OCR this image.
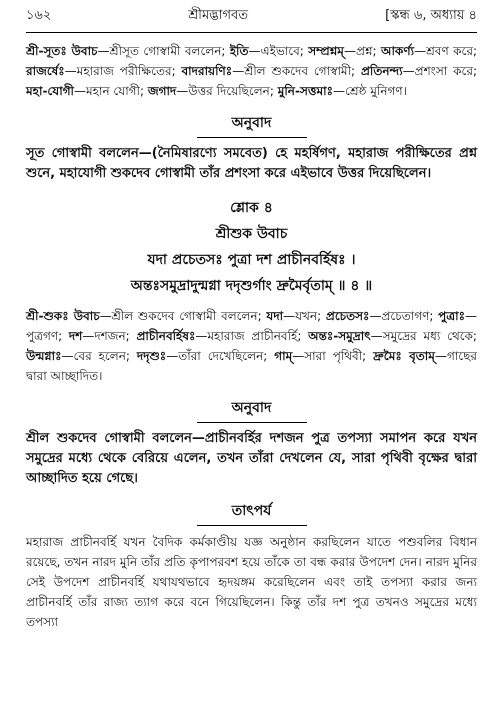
১৬২	শ্রীমদ্ভাগবত	[স্কন্ধ ৬, অধ্যায় ৪

শ্রী-সূতঃ উবাচ—শ্রীসূত গোস্বামী বললেন; ইতি—এইভাবে; সম্প্রশ্নম্—প্রশ্ন; আকর্ণ্য—শ্রবণ করে; রাজর্ষেঃ—মহারাজ পরীক্ষিতের; বাদরায়ণিঃ—শ্রীল শুকদেব গোস্বামী; প্রতিনন্দ্য—প্রশংসা করে; মহা-যোগী—মহান যোগী; জগাদ—উত্তর দিয়েছিলেন; মুনি-সত্তমাঃ—শ্রেষ্ঠ মুনিগণ।

অনুবাদ

সূত গোস্বামী বললেন—(নৈমিষারণ্যে সমবেত) হে মহর্ষিগণ, মহারাজ পরীক্ষিতের প্রশ্ন শুনে, মহাযোগী শুকদেব গোস্বামী তাঁর প্রশংসা করে এইভাবে উত্তর দিয়েছিলেন।

শ্লোক ৪
শ্রীশুক উবাচ
যদা প্রচেতসঃ পুত্রা দশ প্রাচীনবর্হিষঃ ।
অন্তঃসমুদ্রাদুন্মগ্না দদৃশুর্গাং দ্রুমৈর্বৃতাম্ ॥ ৪ ॥

শ্রী-শুকঃ উবাচ—শ্রীল শুকদেব গোস্বামী বললেন; যদা—যখন; প্রচেতসঃ—প্রচেতাগণ; পুত্রাঃ—পুত্রগণ; দশ—দশজন; প্রাচীনবর্হিষঃ—মহারাজ প্রাচীনবর্হি; অন্তঃ-সমুদ্রাৎ—সমুদ্রের মধ্য থেকে; উন্মগ্নাঃ—বের হলেন; দদৃশুঃ—তাঁরা দেখেছিলেন; গাম্—সারা পৃথিবী; দ্রুমৈঃ বৃতাম্—গাছের দ্বারা আচ্ছাদিত।

অনুবাদ

শ্রীল শুকদেব গোস্বামী বললেন—প্রাচীনবর্হির দশজন পুত্র তপস্যা সমাপন করে যখন সমুদ্রের মধ্যে থেকে বেরিয়ে এলেন, তখন তাঁরা দেখলেন যে, সারা পৃথিবী বৃক্ষের দ্বারা আচ্ছাদিত হয়ে গেছে।

তাৎপর্য

মহারাজ প্রাচীনবর্হি যখন বৈদিক কর্মকাণ্ডীয় যজ্ঞ অনুষ্ঠান করছিলেন যাতে পশুবলির বিধান রয়েছে, তখন নারদ মুনি তাঁর প্রতি কৃপাপরবশ হয়ে তাঁকে তা বন্ধ করার উপদেশ দেন। নারদ মুনির সেই উপদেশ প্রাচীনবর্হি যথাযথভাবে হৃদয়ঙ্গম করেছিলেন এবং তাই তপস্যা করার জন্য প্রাচীনবর্হি তাঁর রাজ্য ত্যাগ করে বনে গিয়েছিলেন। কিন্তু তাঁর দশ পুত্র তখনও সমুদ্রের মধ্যে তপস্যা
